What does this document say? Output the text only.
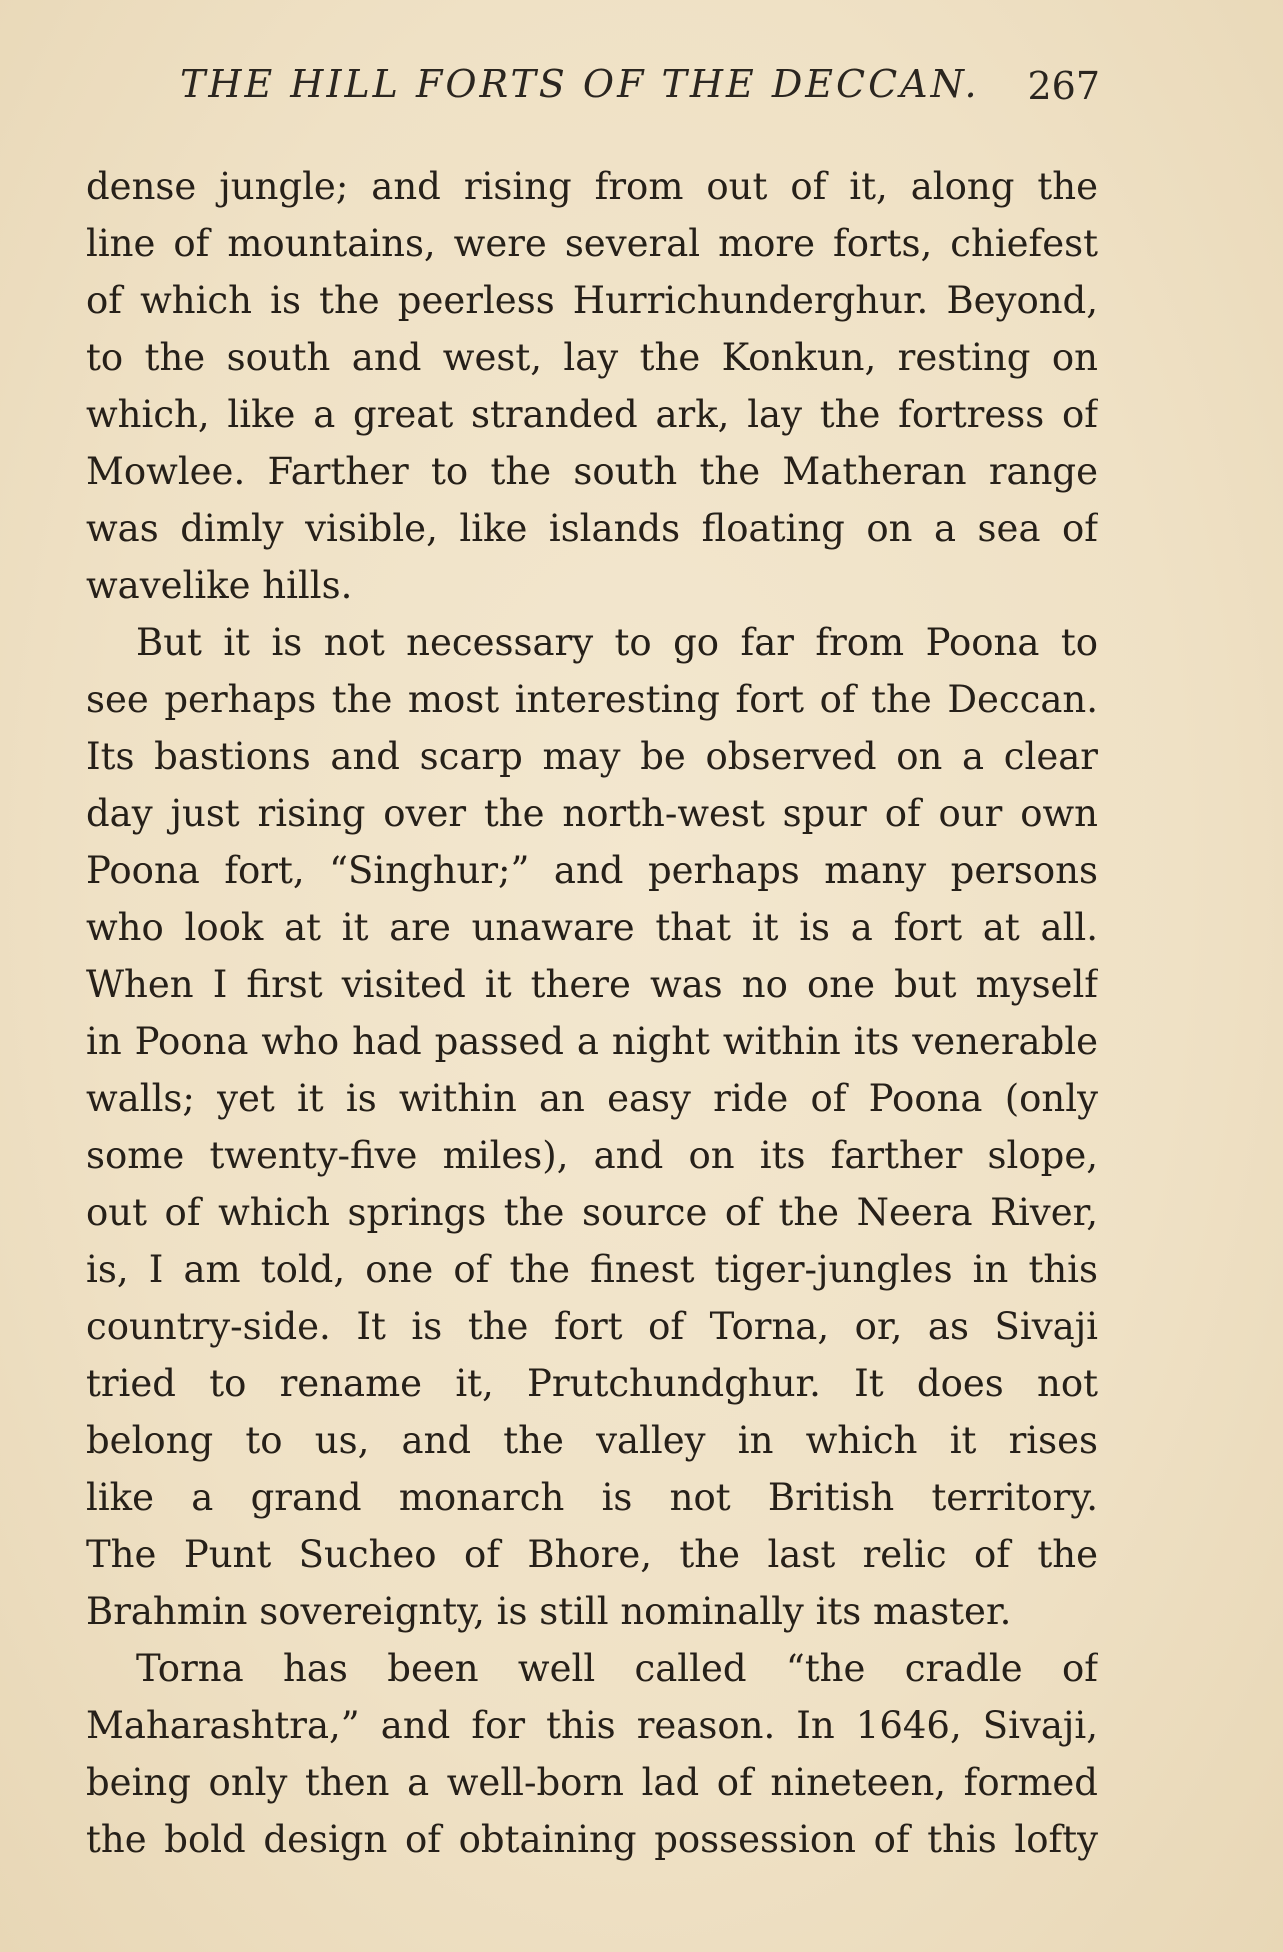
THE HILL FORTS OF THE DECCAN. 267
dense jungle; and rising from out of it, along the
line of mountains, were several more forts, chiefest
of which is the peerless Hurrichunderghur. Beyond,
to the south and west, lay the Konkun, resting on
which, like a great stranded ark, lay the fortress of
Mowlee. Farther to the south the Matheran range
was dimly visible, like islands floating on a sea of
wavelike hills.
But it is not necessary to go far from Poona to
see perhaps the most interesting fort of the Deccan.
Its bastions and scarp may be observed on a clear
day just rising over the north-west spur of our own
Poona fort, “Singhur;” and perhaps many persons
who look at it are unaware that it is a fort at all.
When I first visited it there was no one but myself
in Poona who had passed a night within its venerable
walls; yet it is within an easy ride of Poona (only
some twenty-five miles), and on its farther slope,
out of which springs the source of the Neera River,
is, I am told, one of the finest tiger-jungles in this
country-side. It is the fort of Torna, or, as Sivaji
tried to rename it, Prutchundghur. It does not
belong to us, and the valley in which it rises
like a grand monarch is not British territory.
The Punt Sucheo of Bhore, the last relic of the
Brahmin sovereignty, is still nominally its master.
Torna has been well called “the cradle of
Maharashtra,” and for this reason. In 1646, Sivaji,
being only then a well-born lad of nineteen, formed
the bold design of obtaining possession of this lofty
